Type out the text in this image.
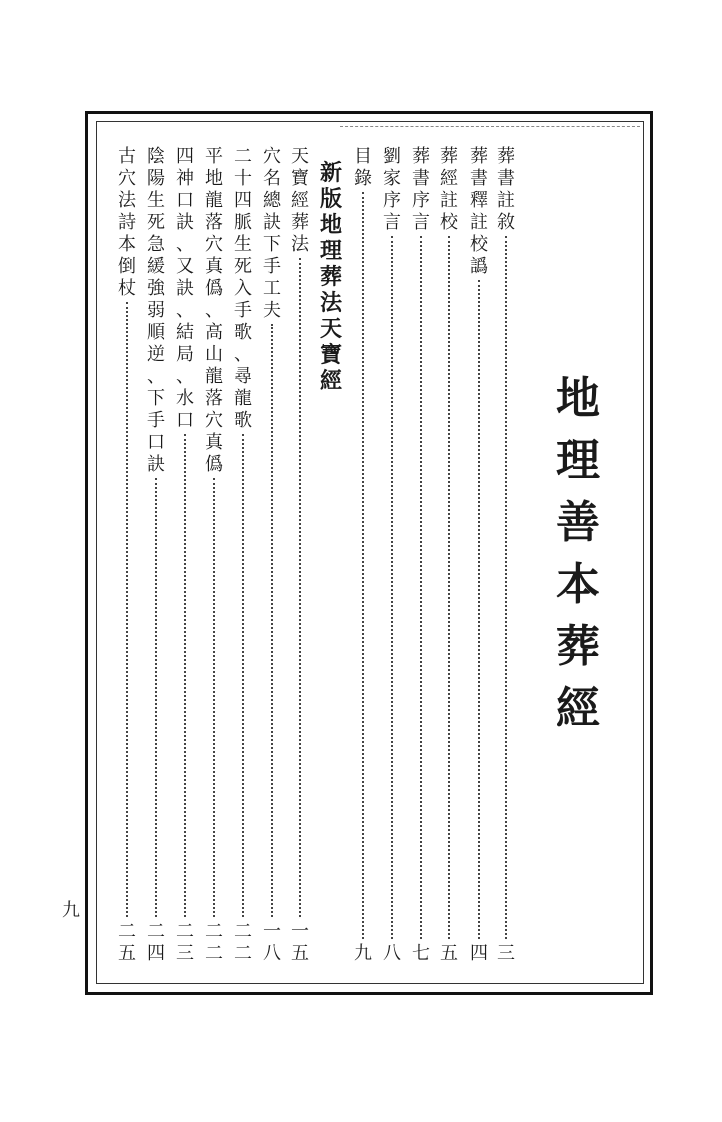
地
理
善
本
葬
經
新
版
地
理
葬
法
天
寶
經
九
葬
書
註
敘
三
葬
書
釋
註
校
譌
四
葬
經
註
校
五
葬
書
序
言
七
劉
家
序
言
八
目
錄
九
天
寶
經
葬
法
一
五
穴
名
總
訣
下
手
工
夫
一
八
二
十
四
脈
生
死
入
手
歌
、
尋
龍
歌
二
二
平
地
龍
落
穴
真
僞
、
高
山
龍
落
穴
真
僞
二
二
四
神
口
訣
、
又
訣
、
結
局
、
水
口
二
三
陰
陽
生
死
急
緩
強
弱
順
逆
、
下
手
口
訣
二
四
古
穴
法
詩
本
倒
杖
二
五
